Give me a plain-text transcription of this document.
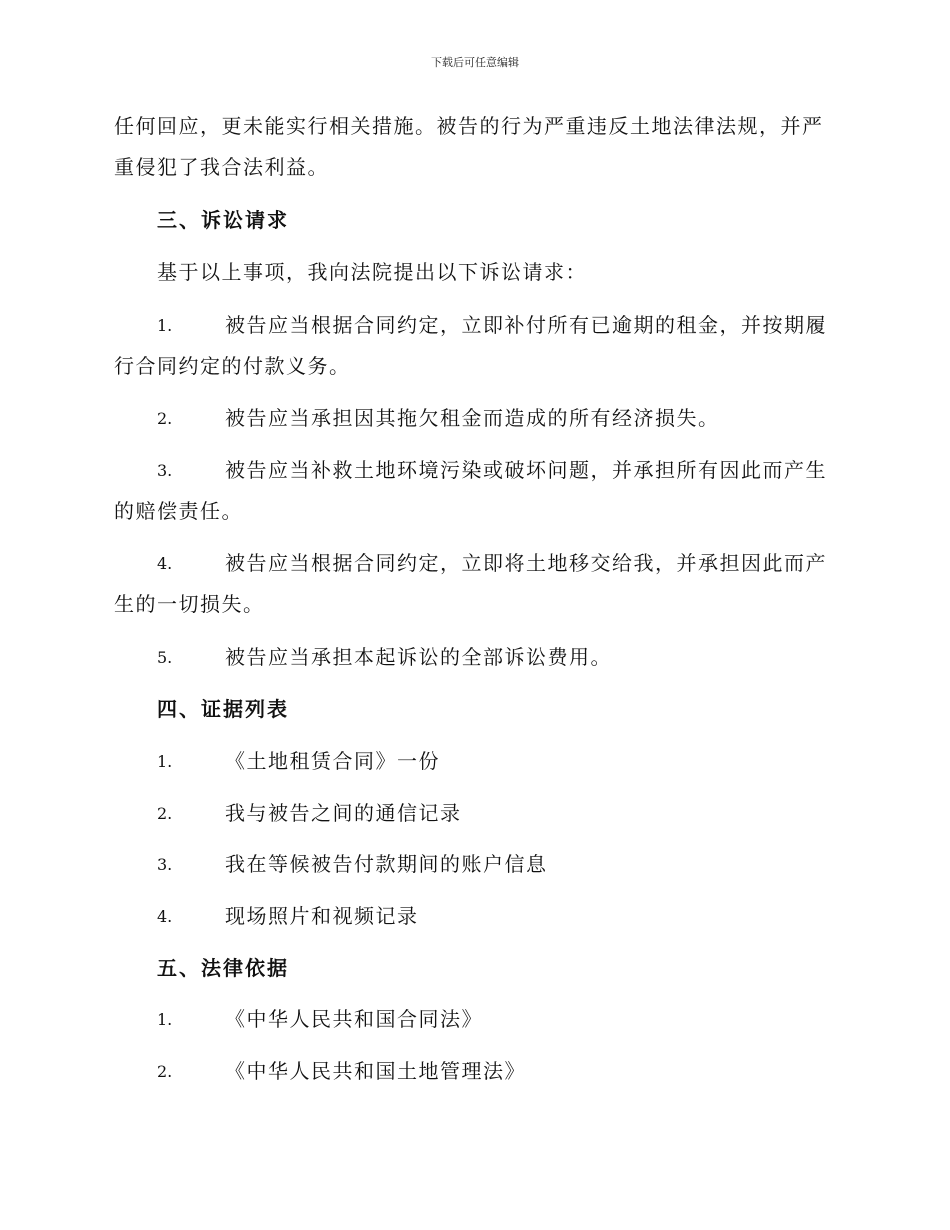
下载后可任意编辑
任何回应，更未能实行相关措施。被告的行为严重违反土地法律法规，并严重侵犯了我合法利益。
三、诉讼请求
基于以上事项，我向法院提出以下诉讼请求：
1.	被告应当根据合同约定，立即补付所有已逾期的租金，并按期履
行合同约定的付款义务。
2.	被告应当承担因其拖欠租金而造成的所有经济损失。
3.	被告应当补救土地环境污染或破坏问题，并承担所有因此而产生
的赔偿责任。
4.	被告应当根据合同约定，立即将土地移交给我，并承担因此而产
生的一切损失。
5.	被告应当承担本起诉讼的全部诉讼费用。
四、证据列表
1.	《土地租赁合同》一份
2.	我与被告之间的通信记录
3.	我在等候被告付款期间的账户信息
4.	现场照片和视频记录
五、法律依据
1.	《中华人民共和国合同法》
2.	《中华人民共和国土地管理法》
